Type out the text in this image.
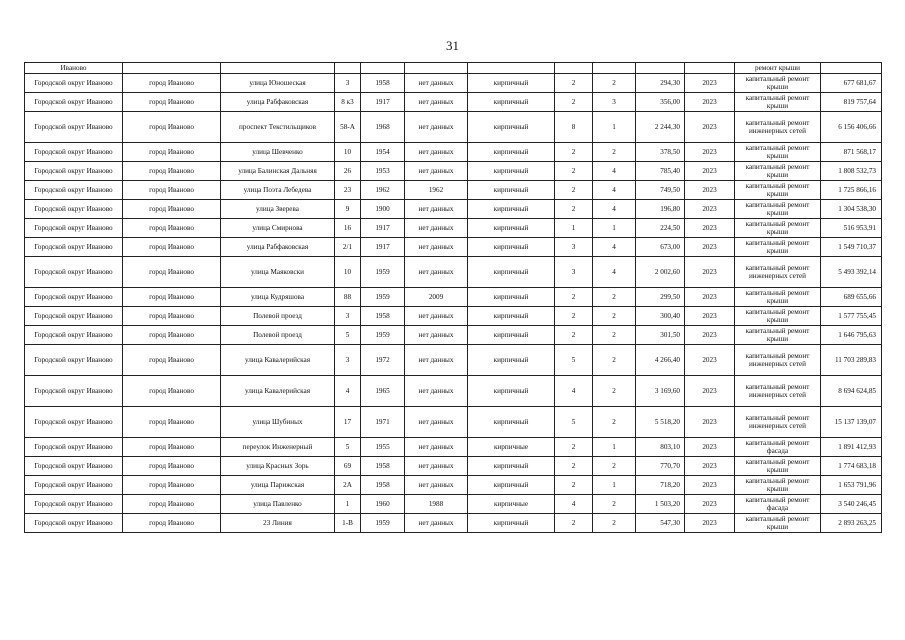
31
Иваново											ремонт крыши	
Городской округ Иваново	город Иваново	улица Юношеская	3	1958	нет данных	кирпичный	2	2	294,30	2023	капитальный ремонт крыши	677 681,67
Городской округ Иваново	город Иваново	улица Рабфаковская	8 к3	1917	нет данных	кирпичный	2	3	356,00	2023	капитальный ремонт крыши	819 757,64
Городской округ Иваново	город Иваново	проспект Текстильщиков	58-А	1968	нет данных	кирпичный	8	1	2 244,30	2023	капитальный ремонт инженерных сетей	6 156 406,66
Городской округ Иваново	город Иваново	улица Шевченко	10	1954	нет данных	кирпичный	2	2	378,50	2023	капитальный ремонт крыши	871 568,17
Городской округ Иваново	город Иваново	улица Балинская Дальняя	26	1953	нет данных	кирпичный	2	4	785,40	2023	капитальный ремонт крыши	1 808 532,73
Городской округ Иваново	город Иваново	улица Поэта Лебедева	23	1962	1962	кирпичный	2	4	749,50	2023	капитальный ремонт крыши	1 725 866,16
Городской округ Иваново	город Иваново	улица Зверева	9	1900	нет данных	кирпичный	2	4	196,80	2023	капитальный ремонт крыши	1 304 538,30
Городской округ Иваново	город Иваново	улица Смирнова	16	1917	нет данных	кирпичный	1	1	224,50	2023	капитальный ремонт крыши	516 953,91
Городской округ Иваново	город Иваново	улица Рабфаковская	2/1	1917	нет данных	кирпичный	3	4	673,00	2023	капитальный ремонт крыши	1 549 710,37
Городской округ Иваново	город Иваново	улица Маяковски	10	1959	нет данных	кирпичный	3	4	2 002,60	2023	капитальный ремонт инженерных сетей	5 493 392,14
Городской округ Иваново	город Иваново	улица Кудряшова	88	1959	2009	кирпичный	2	2	299,50	2023	капитальный ремонт крыши	689 655,66
Городской округ Иваново	город Иваново	Полевой проезд	3	1958	нет данных	кирпичный	2	2	300,40	2023	капитальный ремонт крыши	1 577 755,45
Городской округ Иваново	город Иваново	Полевой проезд	5	1959	нет данных	кирпичный	2	2	301,50	2023	капитальный ремонт крыши	1 646 795,63
Городской округ Иваново	город Иваново	улица Кавалерийская	3	1972	нет данных	кирпичный	5	2	4 266,40	2023	капитальный ремонт инженерных сетей	11 703 289,83
Городской округ Иваново	город Иваново	улица Кавалерийская	4	1965	нет данных	кирпичный	4	2	3 169,60	2023	капитальный ремонт инженерных сетей	8 694 624,85
Городской округ Иваново	город Иваново	улица Шубиных	17	1971	нет данных	кирпичный	5	2	5 518,20	2023	капитальный ремонт инженерных сетей	15 137 139,07
Городской округ Иваново	город Иваново	переулок Инженерный	5	1955	нет данных	кирпичные	2	1	803,10	2023	капитальный ремонт фасада	1 891 412,93
Городской округ Иваново	город Иваново	улица Красных Зорь	69	1958	нет данных	кирпичный	2	2	770,70	2023	капитальный ремонт крыши	1 774 683,18
Городской округ Иваново	город Иваново	улица Парижская	2А	1958	нет данных	кирпичный	2	1	718,20	2023	капитальный ремонт крыши	1 653 791,96
Городской округ Иваново	город Иваново	улица Павленко	1	1960	1988	кирпичные	4	2	1 503,20	2023	капитальный ремонт фасада	3 540 246,45
Городской округ Иваново	город Иваново	23 Линия	1-В	1959	нет данных	кирпичный	2	2	547,30	2023	капитальный ремонт крыши	2 893 263,25
